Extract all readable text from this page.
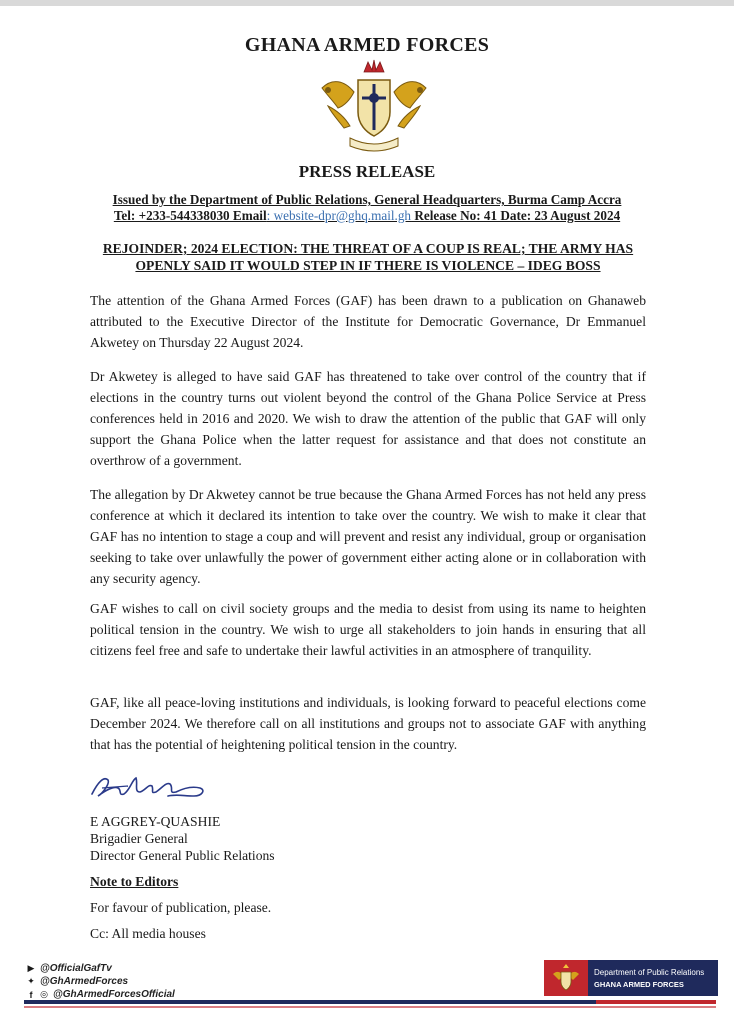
GHANA ARMED FORCES
PRESS RELEASE
Issued by the Department of Public Relations, General Headquarters, Burma Camp Accra
Tel: +233-544338030 Email: website-dpr@ghq.mail.gh Release No: 41 Date: 23 August 2024
REJOINDER; 2024 ELECTION: THE THREAT OF A COUP IS REAL; THE ARMY HAS OPENLY SAID IT WOULD STEP IN IF THERE IS VIOLENCE – IDEG BOSS

The attention of the Ghana Armed Forces (GAF) has been drawn to a publication on Ghanaweb attributed to the Executive Director of the Institute for Democratic Governance, Dr Emmanuel Akwetey on Thursday 22 August 2024.

Dr Akwetey is alleged to have said GAF has threatened to take over control of the country that if elections in the country turns out violent beyond the control of the Ghana Police Service at Press conferences held in 2016 and 2020. We wish to draw the attention of the public that GAF will only support the Ghana Police when the latter request for assistance and that does not constitute an overthrow of a government.

The allegation by Dr Akwetey cannot be true because the Ghana Armed Forces has not held any press conference at which it declared its intention to take over the country. We wish to make it clear that GAF has no intention to stage a coup and will prevent and resist any individual, group or organisation seeking to take over unlawfully the power of government either acting alone or in collaboration with any security agency.

GAF wishes to call on civil society groups and the media to desist from using its name to heighten political tension in the country. We wish to urge all stakeholders to join hands in ensuring that all citizens feel free and safe to undertake their lawful activities in an atmosphere of tranquility.

GAF, like all peace-loving institutions and individuals, is looking forward to peaceful elections come December 2024. We therefore call on all institutions and groups not to associate GAF with anything that has the potential of heightening political tension in the country.

E AGGREY-QUASHIE
Brigadier General
Director General Public Relations
Note to Editors
For favour of publication, please.
Cc: All media houses
▶ @OfficialGafTv
✦ @GhArmedForces
f ◎ @GhArmedForcesOfficial
Department of Public Relations
GHANA ARMED FORCES
